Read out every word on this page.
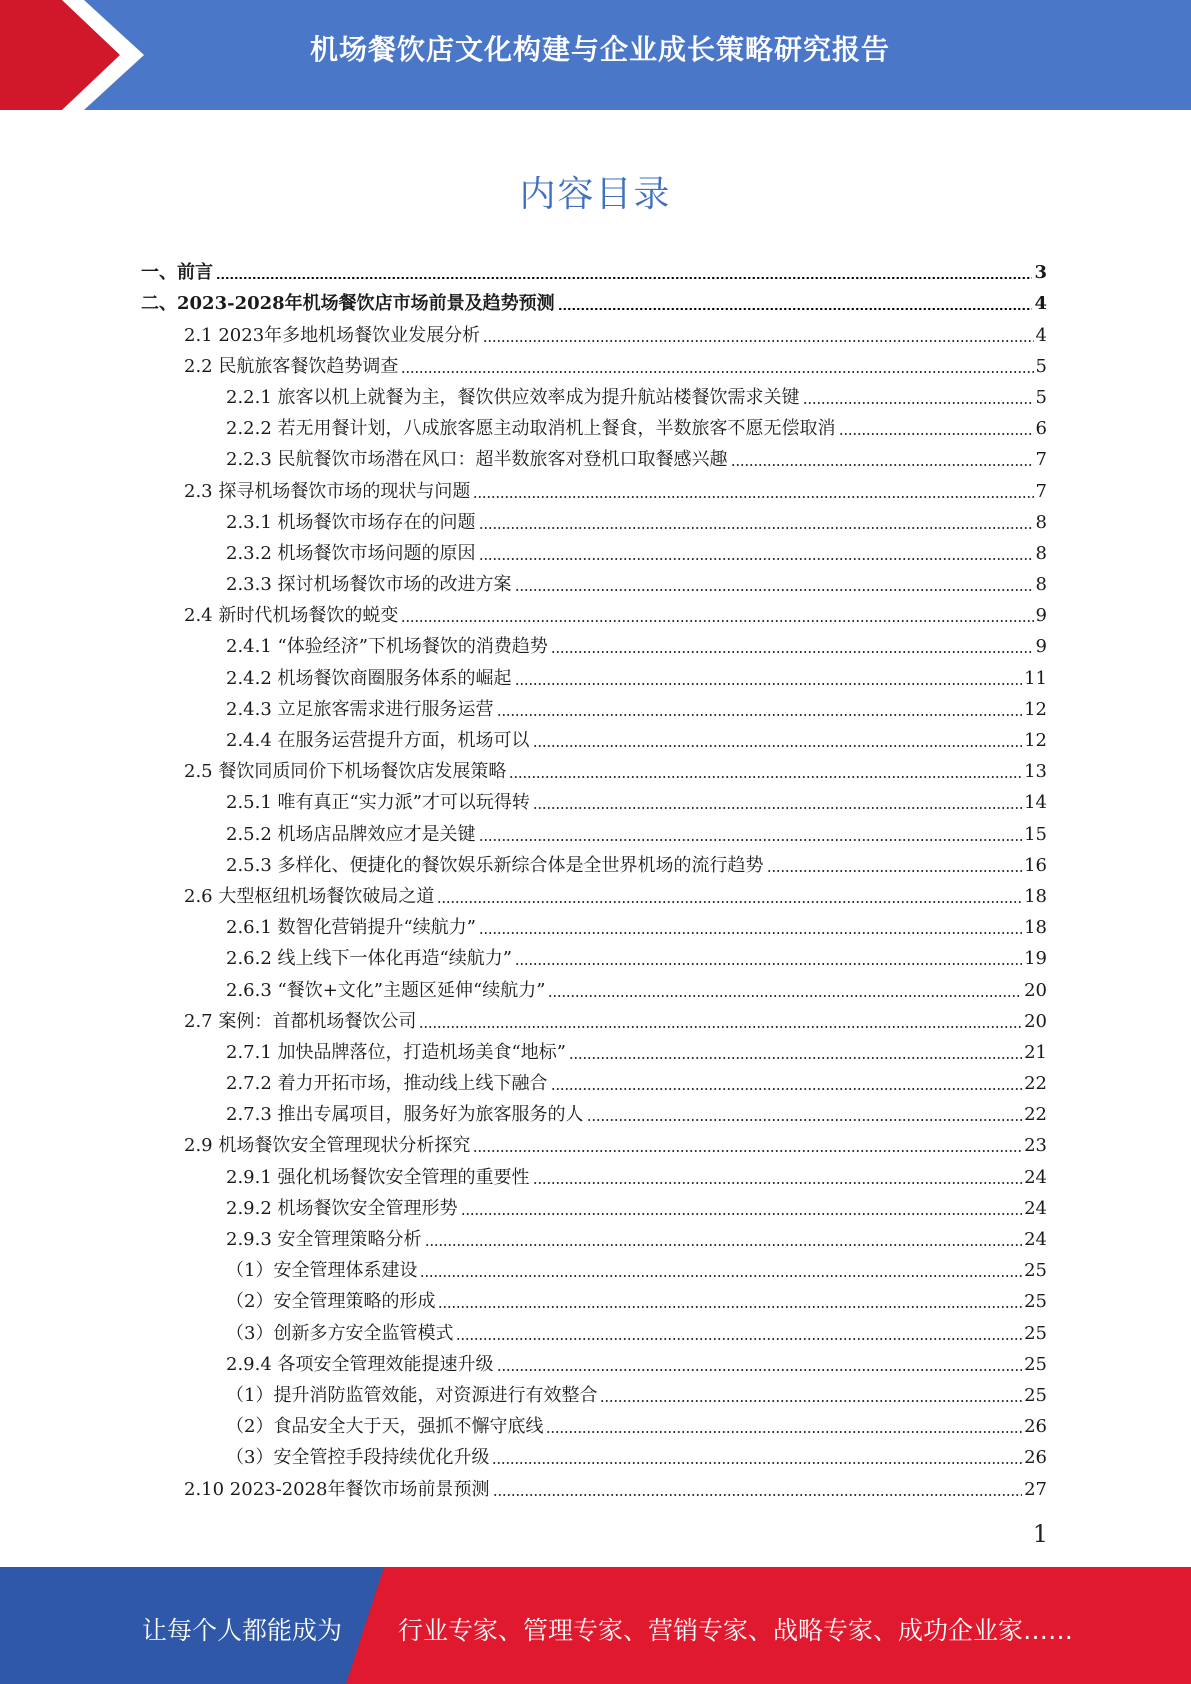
机场餐饮店文化构建与企业成长策略研究报告
内容目录
一、前言	3
二、2023-2028年机场餐饮店市场前景及趋势预测	4
2.1 2023年多地机场餐饮业发展分析	4
2.2 民航旅客餐饮趋势调查	5
2.2.1 旅客以机上就餐为主，餐饮供应效率成为提升航站楼餐饮需求关键	5
2.2.2 若无用餐计划，八成旅客愿主动取消机上餐食，半数旅客不愿无偿取消	6
2.2.3 民航餐饮市场潜在风口：超半数旅客对登机口取餐感兴趣	7
2.3 探寻机场餐饮市场的现状与问题	7
2.3.1 机场餐饮市场存在的问题	8
2.3.2 机场餐饮市场问题的原因	8
2.3.3 探讨机场餐饮市场的改进方案	8
2.4 新时代机场餐饮的蜕变	9
2.4.1 “体验经济”下机场餐饮的消费趋势	9
2.4.2 机场餐饮商圈服务体系的崛起	11
2.4.3 立足旅客需求进行服务运营	12
2.4.4 在服务运营提升方面，机场可以	12
2.5 餐饮同质同价下机场餐饮店发展策略	13
2.5.1 唯有真正“实力派”才可以玩得转	14
2.5.2 机场店品牌效应才是关键	15
2.5.3 多样化、便捷化的餐饮娱乐新综合体是全世界机场的流行趋势	16
2.6 大型枢纽机场餐饮破局之道	18
2.6.1 数智化营销提升“续航力”	18
2.6.2 线上线下一体化再造“续航力”	19
2.6.3 “餐饮+文化”主题区延伸“续航力”	20
2.7 案例：首都机场餐饮公司	20
2.7.1 加快品牌落位，打造机场美食“地标”	21
2.7.2 着力开拓市场，推动线上线下融合	22
2.7.3 推出专属项目，服务好为旅客服务的人	22
2.9 机场餐饮安全管理现状分析探究	23
2.9.1 强化机场餐饮安全管理的重要性	24
2.9.2 机场餐饮安全管理形势	24
2.9.3 安全管理策略分析	24
（1）安全管理体系建设	25
（2）安全管理策略的形成	25
（3）创新多方安全监管模式	25
2.9.4 各项安全管理效能提速升级	25
（1）提升消防监管效能，对资源进行有效整合	25
（2）食品安全大于天，强抓不懈守底线	26
（3）安全管控手段持续优化升级	26
2.10 2023-2028年餐饮市场前景预测	27
1
让每个人都能成为 行业专家、管理专家、营销专家、战略专家、成功企业家……
